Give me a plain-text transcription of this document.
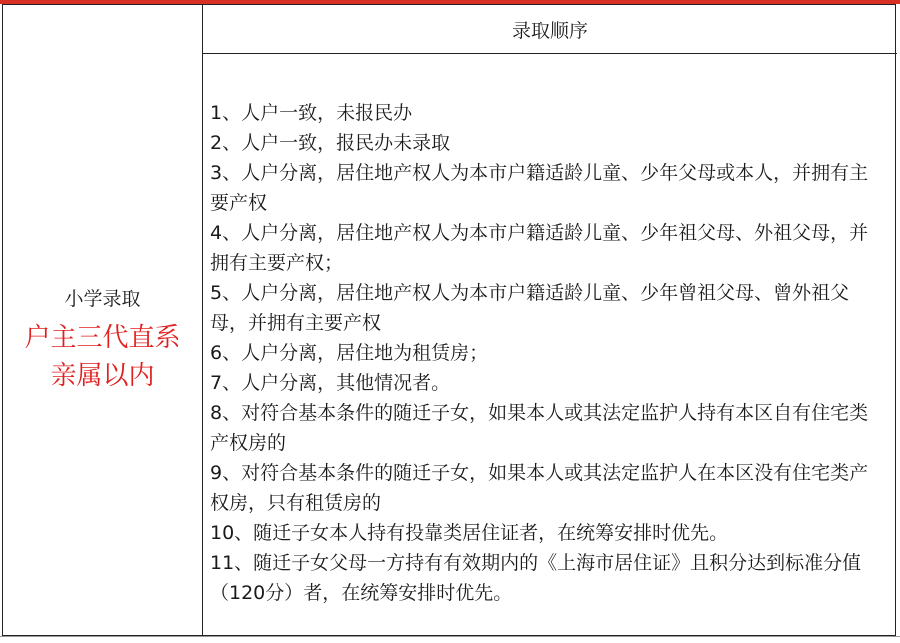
录取顺序
小学录取
户主三代直系
亲属以内
1、人户一致，未报民办
2、人户一致，报民办未录取
3、人户分离，居住地产权人为本市户籍适龄儿童、少年父母或本人，并拥有主要产权
4、人户分离，居住地产权人为本市户籍适龄儿童、少年祖父母、外祖父母，并拥有主要产权；
5、人户分离，居住地产权人为本市户籍适龄儿童、少年曾祖父母、曾外祖父母，并拥有主要产权
6、人户分离，居住地为租赁房；
7、人户分离，其他情况者。
8、对符合基本条件的随迁子女，如果本人或其法定监护人持有本区自有住宅类产权房的
9、对符合基本条件的随迁子女，如果本人或其法定监护人在本区没有住宅类产权房，只有租赁房的
10、随迁子女本人持有投靠类居住证者，在统筹安排时优先。
11、随迁子女父母一方持有有效期内的《上海市居住证》且积分达到标准分值（120分）者，在统筹安排时优先。
